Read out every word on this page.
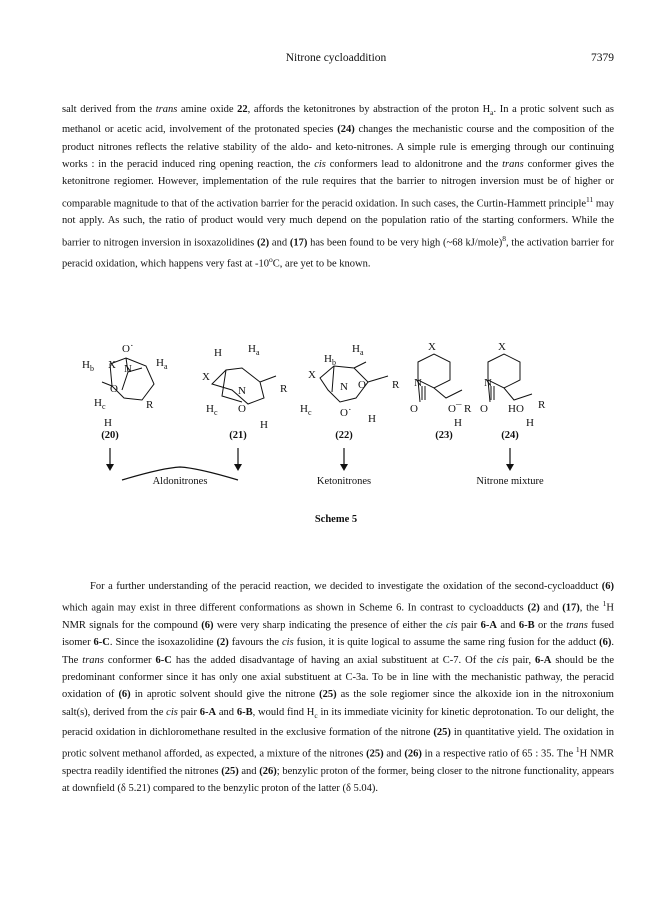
Nitrone cycloaddition	7379

salt derived from the trans amine oxide 22, affords the ketonitrones by abstraction of the proton $H_a$. In a protic solvent such as methanol or acetic acid, involvement of the protonated species (24) changes the mechanistic course and the composition of the product nitrones reflects the relative stability of the aldo- and keto-nitrones. A simple rule is emerging through our continuing works : in the peracid induced ring opening reaction, the cis conformers lead to aldonitrone and the trans conformer gives the ketonitrone regiomer. However, implementation of the rule requires that the barrier to nitrogen inversion must be of higher or comparable magnitude to that of the activation barrier for the peracid oxidation. In such cases, the Curtin-Hammett principle$^{11}$ may not apply. As such, the ratio of product would very much depend on the population ratio of the starting conformers. While the barrier to nitrogen inversion in isoxazolidines (2) and (17) has been found to be very high (~68 kJ/mole)$^8$, the activation barrier for peracid oxidation, which happens very fast at -10$^o$C, are yet to be known.

O˙
$H_b$ X N $H_a$
$H_c$
O
R
H
H $H_a$
X
N	R
$H_c$ O
H
$H_a$
$H_b$
X
N O R
$H_c$	O˙ H
X
N
O	O¯ R
H
X
N
O HO R
H
(20)	(21)	(22)	(23)	(24)
Aldonitrones	Ketonitrones	Nitrone mixture
Scheme 5

For a further understanding of the peracid reaction, we decided to investigate the oxidation of the second-cycloadduct (6) which again may exist in three different conformations as shown in Scheme 6. In contrast to cycloadducts (2) and (17), the $^1$H NMR signals for the compound (6) were very sharp indicating the presence of either the cis pair 6-A and 6-B or the trans fused isomer 6-C. Since the isoxazolidine (2) favours the cis fusion, it is quite logical to assume the same ring fusion for the adduct (6). The trans conformer 6-C has the added disadvantage of having an axial substituent at C-7. Of the cis pair, 6-A should be the predominant conformer since it has only one axial substituent at C-3a. To be in line with the mechanistic pathway, the peracid oxidation of (6) in aprotic solvent should give the nitrone (25) as the sole regiomer since the alkoxide ion in the nitroxonium salt(s), derived from the cis pair 6-A and 6-B, would find $H_c$ in its immediate vicinity for kinetic deprotonation. To our delight, the peracid oxidation in dichloromethane resulted in the exclusive formation of the nitrone (25) in quantitative yield. The oxidation in protic solvent methanol afforded, as expected, a mixture of the nitrones (25) and (26) in a respective ratio of 65 : 35. The $^1$H NMR spectra readily identified the nitrones (25) and (26); benzylic proton of the former, being closer to the nitrone functionality, appears at downfield (δ 5.21) compared to the benzylic proton of the latter (δ 5.04).
